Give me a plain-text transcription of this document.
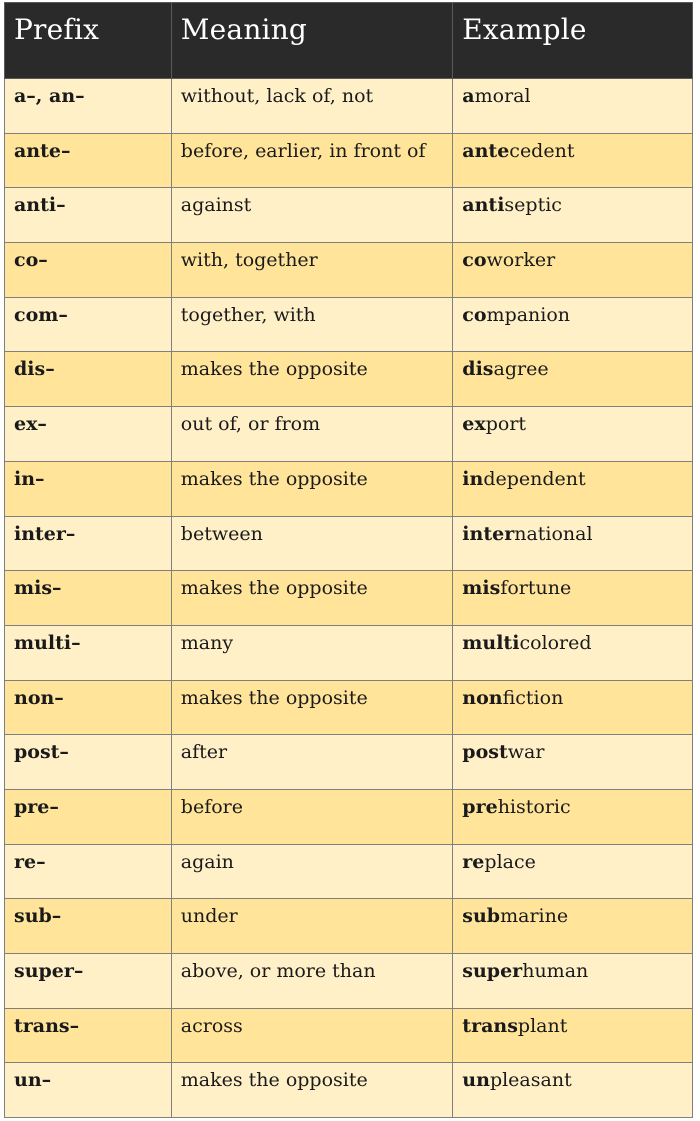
Prefix	Meaning	Example
a–, an–	without, lack of, not	amoral
ante–	before, earlier, in front of	antecedent
anti–	against	antiseptic
co–	with, together	coworker
com–	together, with	companion
dis–	makes the opposite	disagree
ex–	out of, or from	export
in–	makes the opposite	independent
inter–	between	international
mis–	makes the opposite	misfortune
multi–	many	multicolored
non–	makes the opposite	nonfiction
post–	after	postwar
pre–	before	prehistoric
re–	again	replace
sub–	under	submarine
super–	above, or more than	superhuman
trans–	across	transplant
un–	makes the opposite	unpleasant
